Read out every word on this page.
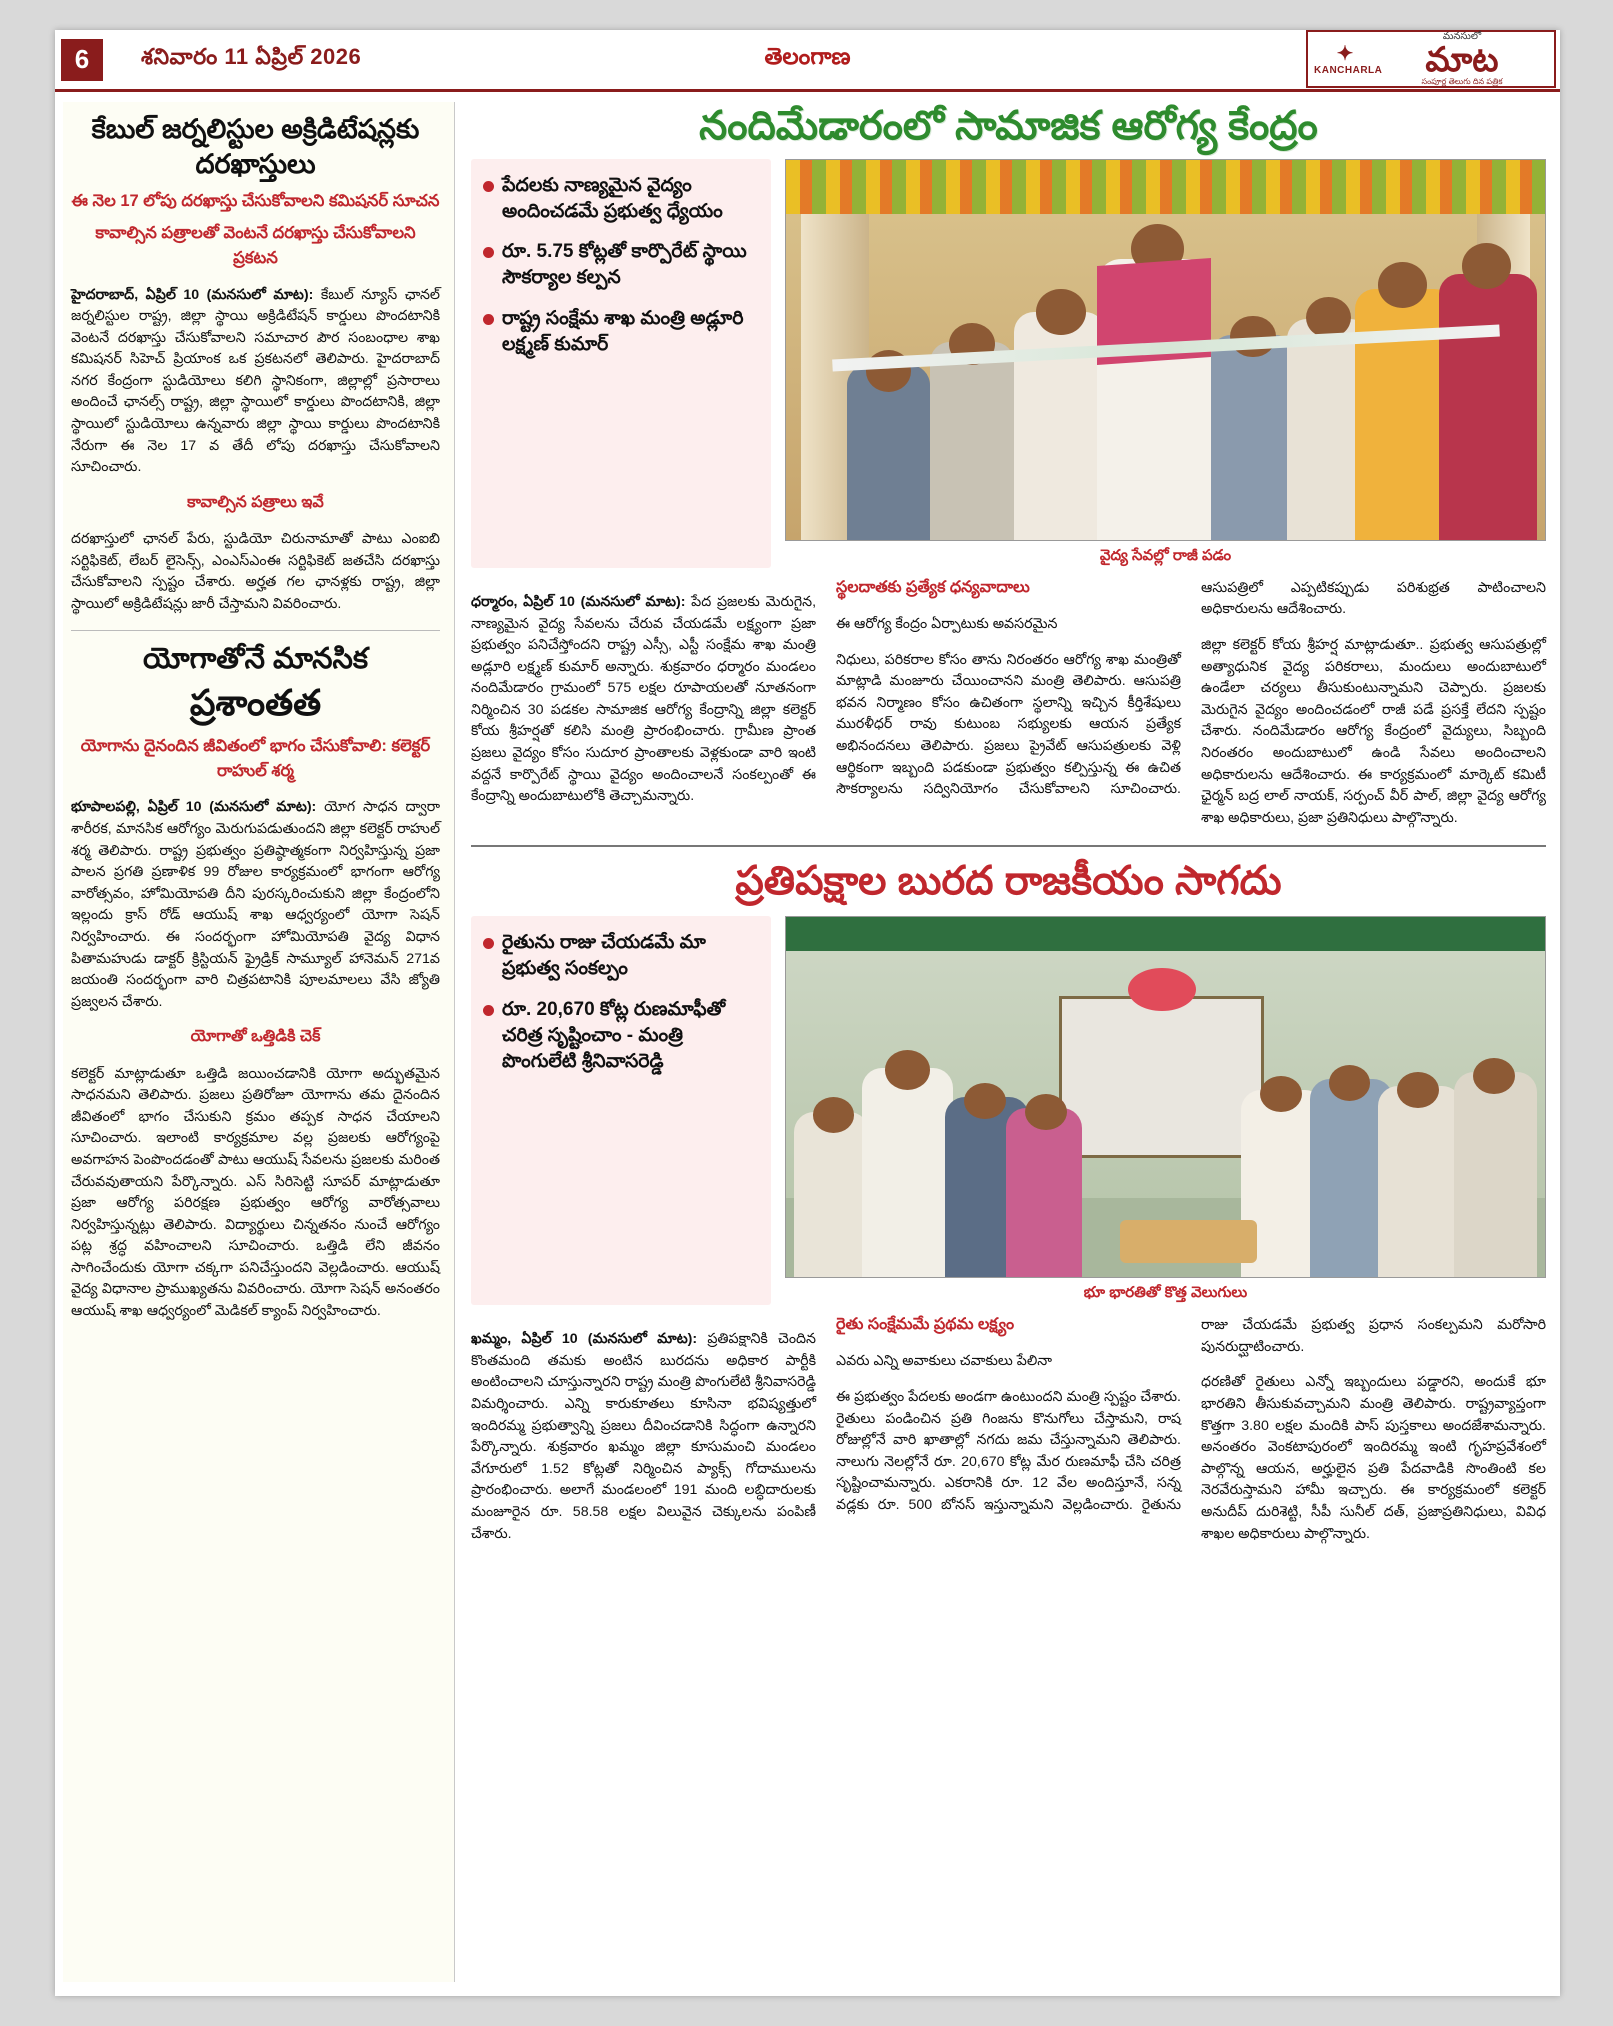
6	శనివారం 11 ఏప్రిల్ 2026	తెలంగాణ	✦
KANCHARLA
మనసులో
మాట
సంపూర్ణ తెలుగు దిన పత్రిక
కేబుల్ జర్నలిస్టుల అక్రిడిటేషన్లకు దరఖాస్తులు
ఈ నెల 17 లోపు దరఖాస్తు చేసుకోవాలని కమిషనర్ సూచన
కావాల్సిన పత్రాలతో వెంటనే దరఖాస్తు చేసుకోవాలని ప్రకటన

హైదరాబాద్, ఏప్రిల్ 10 (మనసులో మాట): కేబుల్ న్యూస్ ఛానల్ జర్నలిస్టుల రాష్ట్ర, జిల్లా స్థాయి అక్రిడిటేషన్ కార్డులు పొందటానికి వెంటనే దరఖాస్తు చేసుకోవాలని సమాచార పౌర సంబంధాల శాఖ కమిషనర్ సిహెచ్ ప్రియాంక ఒక ప్రకటనలో తెలిపారు. హైదరాబాద్ నగర కేంద్రంగా స్టుడియోలు కలిగి స్థానికంగా, జిల్లాల్లో ప్రసారాలు అందించే ఛానల్స్ రాష్ట్ర, జిల్లా స్థాయిలో కార్డులు పొందటానికి, జిల్లా స్థాయిలో స్టుడియోలు ఉన్నవారు జిల్లా స్థాయి కార్డులు పొందటానికి నేరుగా ఈ నెల 17 వ తేదీ లోపు దరఖాస్తు చేసుకోవాలని సూచించారు.

కావాల్సిన పత్రాలు ఇవే

దరఖాస్తులో ఛానల్ పేరు, స్టుడియో చిరునామాతో పాటు ఎంఐబి సర్టిఫికెట్, లేబర్ లైసెన్స్, ఎంఎస్ఎంఈ సర్టిఫికెట్ జతచేసి దరఖాస్తు చేసుకోవాలని స్పష్టం చేశారు. అర్హత గల ఛానళ్లకు రాష్ట్ర, జిల్లా స్థాయిలో అక్రిడిటేషన్లు జారీ చేస్తామని వివరించారు.

యోగాతోనే మానసిక
ప్రశాంతత
యోగాను దైనందిన జీవితంలో భాగం చేసుకోవాలి: కలెక్టర్ రాహుల్ శర్మ

భూపాలపల్లి, ఏప్రిల్ 10 (మనసులో మాట): యోగ సాధన ద్వారా శారీరక, మానసిక ఆరోగ్యం మెరుగుపడుతుందని జిల్లా కలెక్టర్ రాహుల్ శర్మ తెలిపారు. రాష్ట్ర ప్రభుత్వం ప్రతిష్ఠాత్మకంగా నిర్వహిస్తున్న ప్రజా పాలన ప్రగతి ప్రణాళిక 99 రోజుల కార్యక్రమంలో భాగంగా ఆరోగ్య వారోత్సవం, హోమియోపతి దీని పురస్కరించుకుని జిల్లా కేంద్రంలోని ఇల్లందు క్రాస్ రోడ్ ఆయుష్ శాఖ ఆధ్వర్యంలో యోగా సెషన్ నిర్వహించారు. ఈ సందర్భంగా హోమియోపతి వైద్య విధాన పితామహుడు డాక్టర్ క్రిస్టియన్ ఫ్రైడ్రిక్ సామ్యూల్ హానెమన్ 271వ జయంతి సందర్భంగా వారి చిత్రపటానికి పూలమాలలు వేసి జ్యోతి ప్రజ్వలన చేశారు.

యోగాతో ఒత్తిడికి చెక్

కలెక్టర్ మాట్లాడుతూ ఒత్తిడి జయించడానికి యోగా అద్భుతమైన సాధనమని తెలిపారు. ప్రజలు ప్రతిరోజూ యోగాను తమ దైనందిన జీవితంలో భాగం చేసుకుని క్రమం తప్పక సాధన చేయాలని సూచించారు. ఇలాంటి కార్యక్రమాల వల్ల ప్రజలకు ఆరోగ్యంపై అవగాహన పెంపొందడంతో పాటు ఆయుష్ సేవలను ప్రజలకు మరింత చేరువవుతాయని పేర్కొన్నారు. ఎస్ సిరిసెట్టి సూపర్ మాట్లాడుతూ ప్రజా ఆరోగ్య పరిరక్షణ ప్రభుత్వం ఆరోగ్య వారోత్సవాలు నిర్వహిస్తున్నట్లు తెలిపారు. విద్యార్థులు చిన్నతనం నుంచే ఆరోగ్యం పట్ల శ్రద్ధ వహించాలని సూచించారు. ఒత్తిడి లేని జీవనం సాగించేందుకు యోగా చక్కగా పనిచేస్తుందని వెల్లడించారు. ఆయుష్ వైద్య విధానాల ప్రాముఖ్యతను వివరించారు. యోగా సెషన్ అనంతరం ఆయుష్ శాఖ ఆధ్వర్యంలో మెడికల్ క్యాంప్ నిర్వహించారు.

నందిమేడారంలో సామాజిక ఆరోగ్య కేంద్రం
పేదలకు నాణ్యమైన వైద్యం అందించడమే ప్రభుత్వ ధ్యేయం
రూ. 5.75 కోట్లతో కార్పొరేట్ స్థాయి సౌకర్యాల కల్పన
రాష్ట్ర సంక్షేమ శాఖ మంత్రి అడ్లూరి లక్ష్మణ్ కుమార్
వైద్య సేవల్లో రాజీ పడం

ధర్మారం, ఏప్రిల్ 10 (మనసులో మాట): పేద ప్రజలకు మెరుగైన, నాణ్యమైన వైద్య సేవలను చేరువ చేయడమే లక్ష్యంగా ప్రజా ప్రభుత్వం పనిచేస్తోందని రాష్ట్ర ఎస్సీ, ఎస్టీ సంక్షేమ శాఖ మంత్రి అడ్లూరి లక్ష్మణ్ కుమార్ అన్నారు. శుక్రవారం ధర్మారం మండలం నందిమేడారం గ్రామంలో 575 లక్షల రూపాయలతో నూతనంగా నిర్మించిన 30 పడకల సామాజిక ఆరోగ్య కేంద్రాన్ని జిల్లా కలెక్టర్ కోయ శ్రీహర్షతో కలిసి మంత్రి ప్రారంభించారు. గ్రామీణ ప్రాంత ప్రజలు వైద్యం కోసం సుదూర ప్రాంతాలకు వెళ్లకుండా వారి ఇంటి వద్దనే కార్పొరేట్ స్థాయి వైద్యం అందించాలనే సంకల్పంతో ఈ కేంద్రాన్ని అందుబాటులోకి తెచ్చామన్నారు.

స్థలదాతకు ప్రత్యేక ధన్యవాదాలు

ఈ ఆరోగ్య కేంద్రం ఏర్పాటుకు అవసరమైన

నిధులు, పరికరాల కోసం తాను నిరంతరం ఆరోగ్య శాఖ మంత్రితో మాట్లాడి మంజూరు చేయించానని మంత్రి తెలిపారు. ఆసుపత్రి భవన నిర్మాణం కోసం ఉచితంగా స్థలాన్ని ఇచ్చిన కీర్తిశేషులు మురళీధర్ రావు కుటుంబ సభ్యులకు ఆయన ప్రత్యేక అభినందనలు తెలిపారు. ప్రజలు ప్రైవేట్ ఆసుపత్రులకు వెళ్లి ఆర్థికంగా ఇబ్బంది పడకుండా ప్రభుత్వం కల్పిస్తున్న ఈ ఉచిత సౌకర్యాలను సద్వినియోగం చేసుకోవాలని సూచించారు. ఆసుపత్రిలో ఎప్పటికప్పుడు పరిశుభ్రత పాటించాలని అధికారులను ఆదేశించారు.

జిల్లా కలెక్టర్ కోయ శ్రీహర్ష మాట్లాడుతూ.. ప్రభుత్వ ఆసుపత్రుల్లో అత్యాధునిక వైద్య పరికరాలు, మందులు అందుబాటులో ఉండేలా చర్యలు తీసుకుంటున్నామని చెప్పారు. ప్రజలకు మెరుగైన వైద్యం అందించడంలో రాజీ పడే ప్రసక్తే లేదని స్పష్టం చేశారు. నందిమేడారం ఆరోగ్య కేంద్రంలో వైద్యులు, సిబ్బంది నిరంతరం అందుబాటులో ఉండి సేవలు అందించాలని అధికారులను ఆదేశించారు. ఈ కార్యక్రమంలో మార్కెట్ కమిటీ ఛైర్మన్ బద్ర లాల్ నాయక్, సర్పంచ్ వీర్ పాల్, జిల్లా వైద్య ఆరోగ్య శాఖ అధికారులు, ప్రజా ప్రతినిధులు పాల్గొన్నారు.

ప్రతిపక్షాల బురద రాజకీయం సాగదు
రైతును రాజు చేయడమే మా ప్రభుత్వ సంకల్పం
రూ. 20,670 కోట్ల రుణమాఫీతో చరిత్ర సృష్టించాం - మంత్రి పొంగులేటి శ్రీనివాసరెడ్డి
భూ భారతితో కొత్త వెలుగులు

ఖమ్మం, ఏప్రిల్ 10 (మనసులో మాట): ప్రతిపక్షానికి చెందిన కొంతమంది తమకు అంటిన బురదను అధికార పార్టీకి అంటించాలని చూస్తున్నారని రాష్ట్ర మంత్రి పొంగులేటి శ్రీనివాసరెడ్డి విమర్శించారు. ఎన్ని కారుకూతలు కూసినా భవిష్యత్తులో ఇందిరమ్మ ప్రభుత్వాన్ని ప్రజలు దీవించడానికి సిద్ధంగా ఉన్నారని పేర్కొన్నారు. శుక్రవారం ఖమ్మం జిల్లా కూసుమంచి మండలం వేగూరులో 1.52 కోట్లతో నిర్మించిన ప్యాక్స్ గోదాములను ప్రారంభించారు. అలాగే మండలంలో 191 మంది లబ్ధిదారులకు మంజూరైన రూ. 58.58 లక్షల విలువైన చెక్కులను పంపిణీ చేశారు.

రైతు సంక్షేమమే ప్రథమ లక్ష్యం

ఎవరు ఎన్ని అవాకులు చవాకులు పేలినా

ఈ ప్రభుత్వం పేదలకు అండగా ఉంటుందని మంత్రి స్పష్టం చేశారు. రైతులు పండించిన ప్రతి గింజను కొనుగోలు చేస్తామని, రాష రోజుల్లోనే వారి ఖాతాల్లో నగదు జమ చేస్తున్నామని తెలిపారు. నాలుగు నెలల్లోనే రూ. 20,670 కోట్ల మేర రుణమాఫీ చేసి చరిత్ర సృష్టించామన్నారు. ఎకరానికి రూ. 12 వేల అందిస్తూనే, సన్న వడ్లకు రూ. 500 బోనస్ ఇస్తున్నామని వెల్లడించారు. రైతును రాజు చేయడమే ప్రభుత్వ ప్రధాన సంకల్పమని మరోసారి పునరుద్ఘాటించారు.

ధరణితో రైతులు ఎన్నో ఇబ్బందులు పడ్డారని, అందుకే భూ భారతిని తీసుకువచ్చామని మంత్రి తెలిపారు. రాష్ట్రవ్యాప్తంగా కొత్తగా 3.80 లక్షల మందికి పాస్ పుస్తకాలు అందజేశామన్నారు. అనంతరం వెంకటాపురంలో ఇందిరమ్మ ఇంటి గృహప్రవేశంలో పాల్గొన్న ఆయన, అర్హులైన ప్రతి పేదవాడికి సొంతింటి కల నెరవేరుస్తామని హామీ ఇచ్చారు. ఈ కార్యక్రమంలో కలెక్టర్ అనుదీప్ దురిశెట్టి, సీపీ సునీల్ దత్, ప్రజాప్రతినిధులు, వివిధ శాఖల అధికారులు పాల్గొన్నారు.
